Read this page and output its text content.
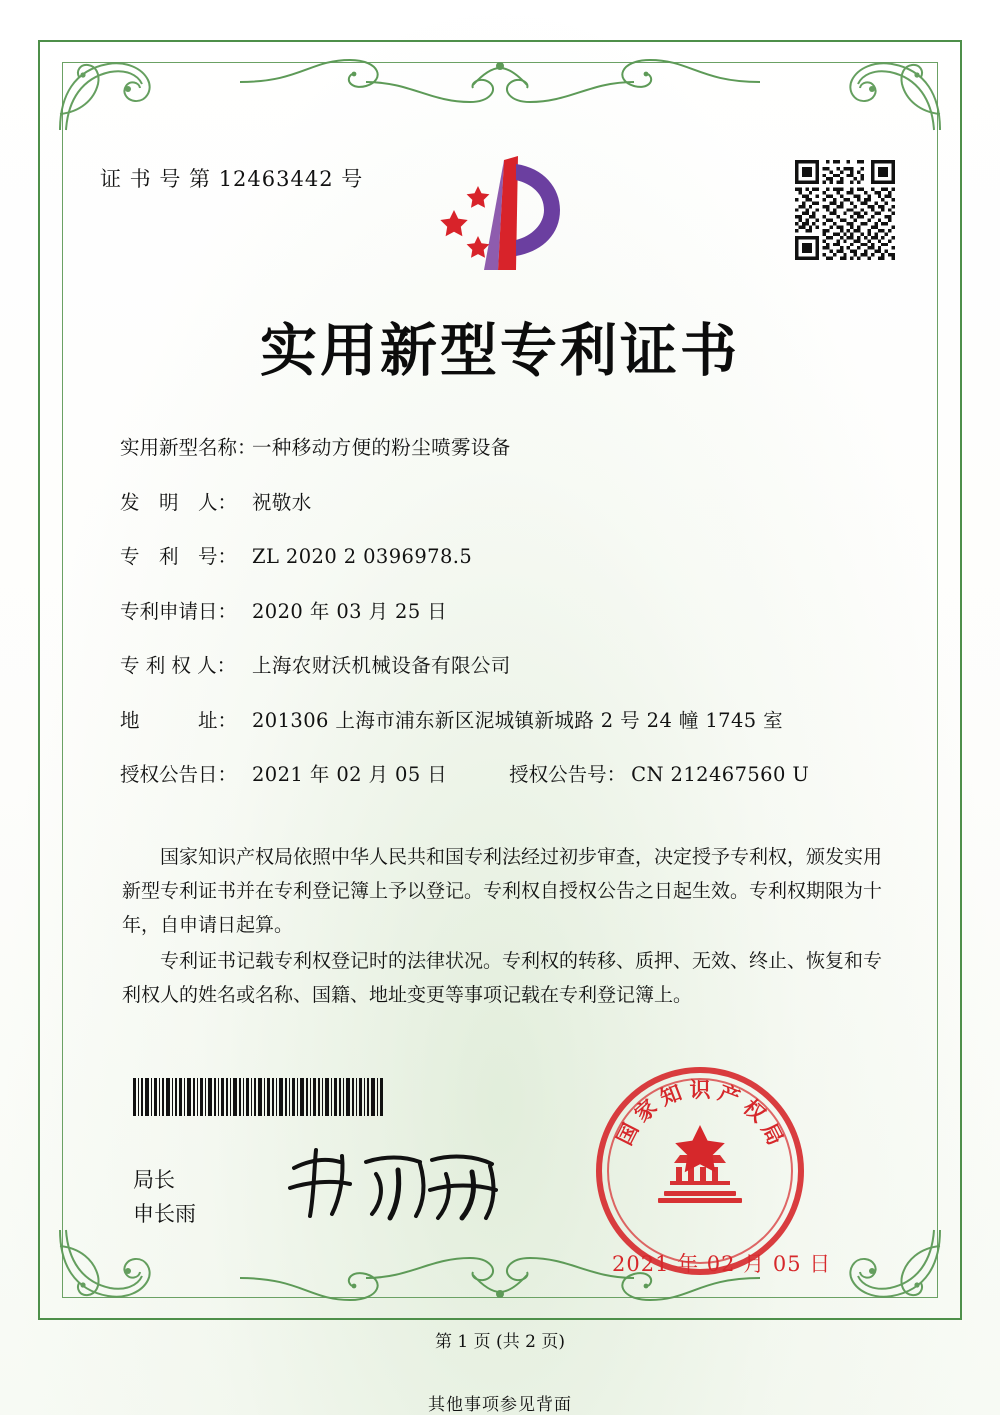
证 书 号 第 12463442 号
实用新型专利证书
实用新型名称：
一种移动方便的粉尘喷雾设备
发　明　人： 祝敬水
专　利　号： ZL 2020 2 0396978.5
专利申请日： 2020 年 03 月 25 日
专 利 权 人： 上海农财沃机械设备有限公司
地　　　址： 201306 上海市浦东新区泥城镇新城路 2 号 24 幢 1745 室
授权公告日： 2021 年 02 月 05 日	授权公告号： CN 212467560 U

国家知识产权局依照中华人民共和国专利法经过初步审查，决定授予专利权，颁发实用新型专利证书并在专利登记簿上予以登记。专利权自授权公告之日起生效。专利权期限为十年，自申请日起算。

专利证书记载专利权登记时的法律状况。专利权的转移、质押、无效、终止、恢复和专利权人的姓名或名称、国籍、地址变更等事项记载在专利登记簿上。

局长
申长雨
国
家
知 识 产
权
局
2021 年 02 月 05 日
第 1 页 (共 2 页)
其他事项参见背面
